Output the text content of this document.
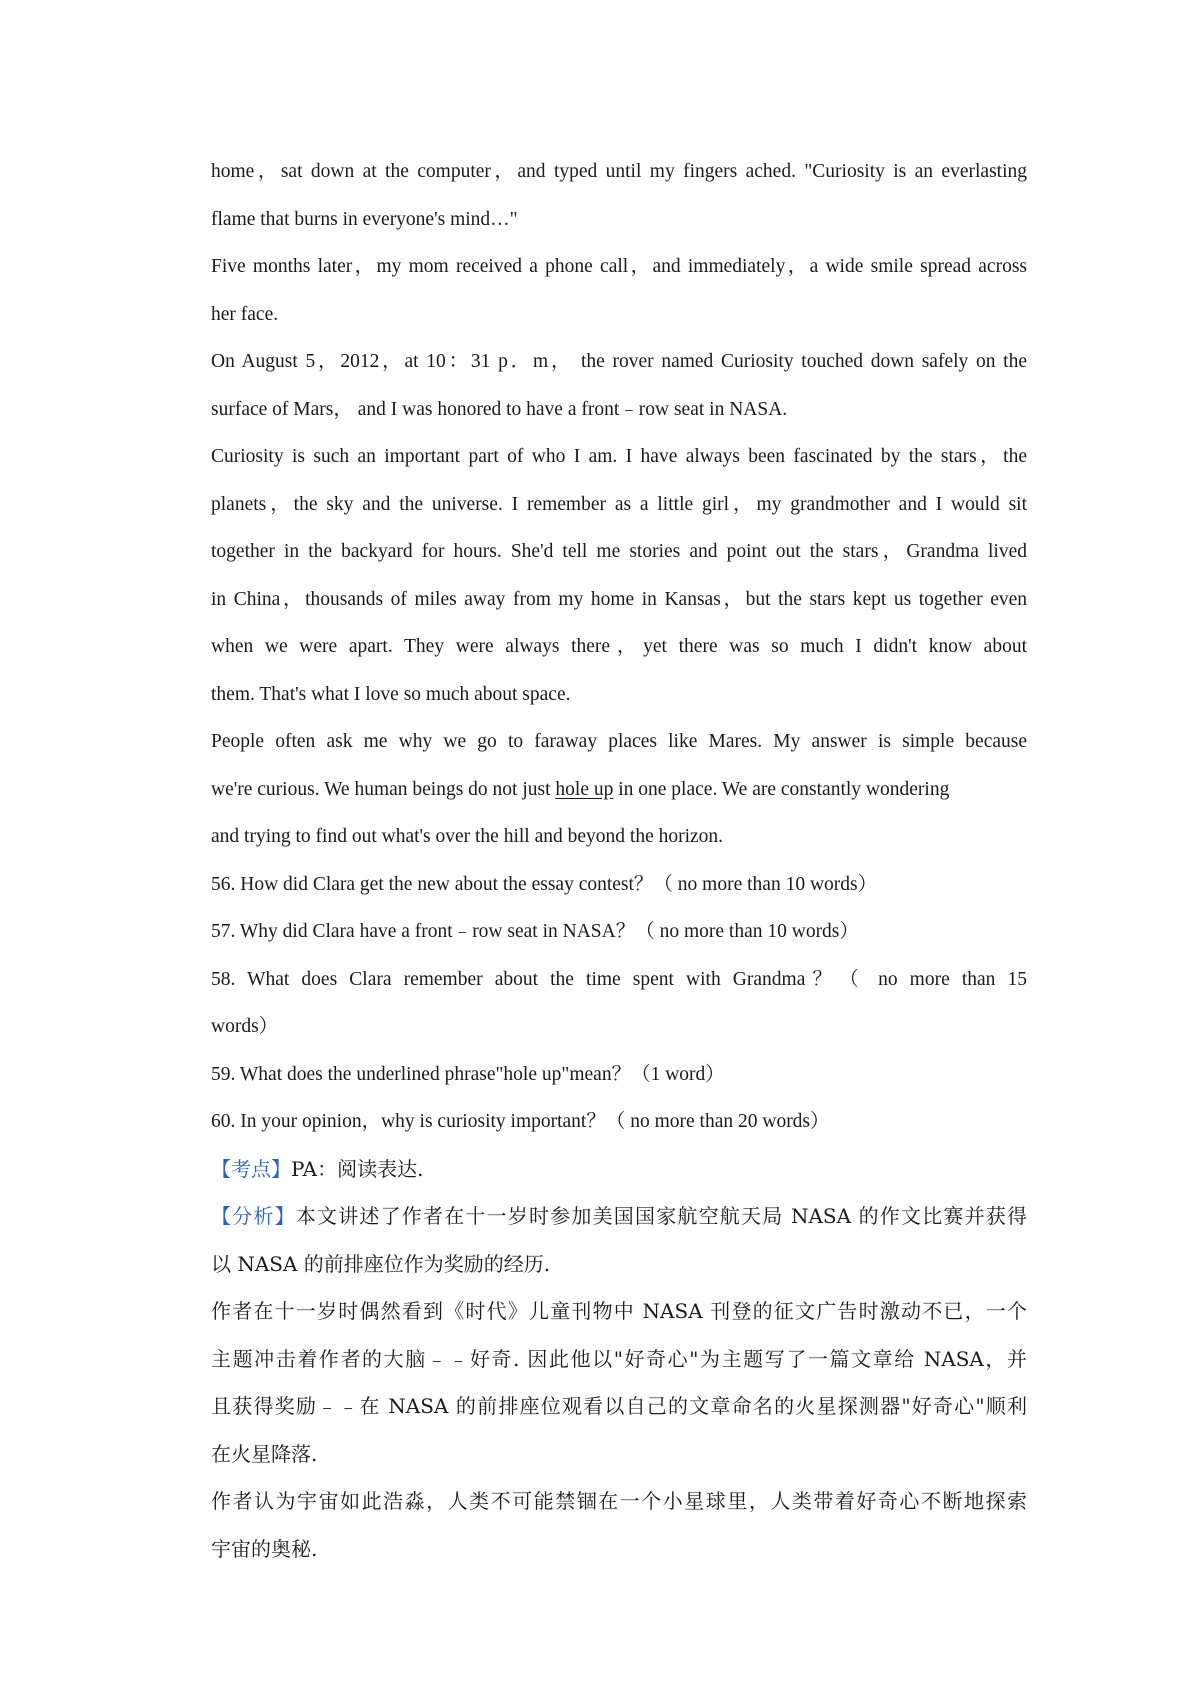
home，sat down at the computer，and typed until my fingers ached. "Curiosity is an everlasting
flame that burns in everyone's mind…"
Five months later，my mom received a phone call，and immediately，a wide smile spread across
her face.
On August 5，2012，at 10：31 p．m， the rover named Curiosity touched down safely on the
surface of Mars， and I was honored to have a front﹣row seat in NASA.
Curiosity is such an important part of who I am. I have always been fascinated by the stars，the
planets，the sky and the universe. I remember as a little girl，my grandmother and I would sit
together in the backyard for hours. She'd tell me stories and point out the stars，Grandma lived
in China，thousands of miles away from my home in Kansas，but the stars kept us together even
when we were apart. They were always there，yet there was so much I didn't know about
them. That's what I love so much about space.
People often ask me why we go to faraway places like Mares. My answer is simple because
we're curious. We human beings do not just hole up in one place. We are constantly wondering
and trying to find out what's over the hill and beyond the horizon.
56. How did Clara get the new about the essay contest？（ no more than 10 words）
57. Why did Clara have a front﹣row seat in NASA？（ no more than 10 words）
58. What does Clara remember about the time spent with Grandma？（ no more than 15
words）
59. What does the underlined phrase"hole up"mean？（1 word）
60. In your opinion，why is curiosity important？（ no more than 20 words）
【考点】PA：阅读表达.
【分析】本文讲述了作者在十一岁时参加美国国家航空航天局 NASA 的作文比赛并获得
以 NASA 的前排座位作为奖励的经历.
作者在十一岁时偶然看到《时代》儿童刊物中 NASA 刊登的征文广告时激动不已，一个
主题冲击着作者的大脑﹣﹣好奇. 因此他以"好奇心"为主题写了一篇文章给 NASA，并
且获得奖励﹣﹣在 NASA 的前排座位观看以自己的文章命名的火星探测器"好奇心"顺利
在火星降落.
作者认为宇宙如此浩淼，人类不可能禁锢在一个小星球里，人类带着好奇心不断地探索
宇宙的奥秘.
